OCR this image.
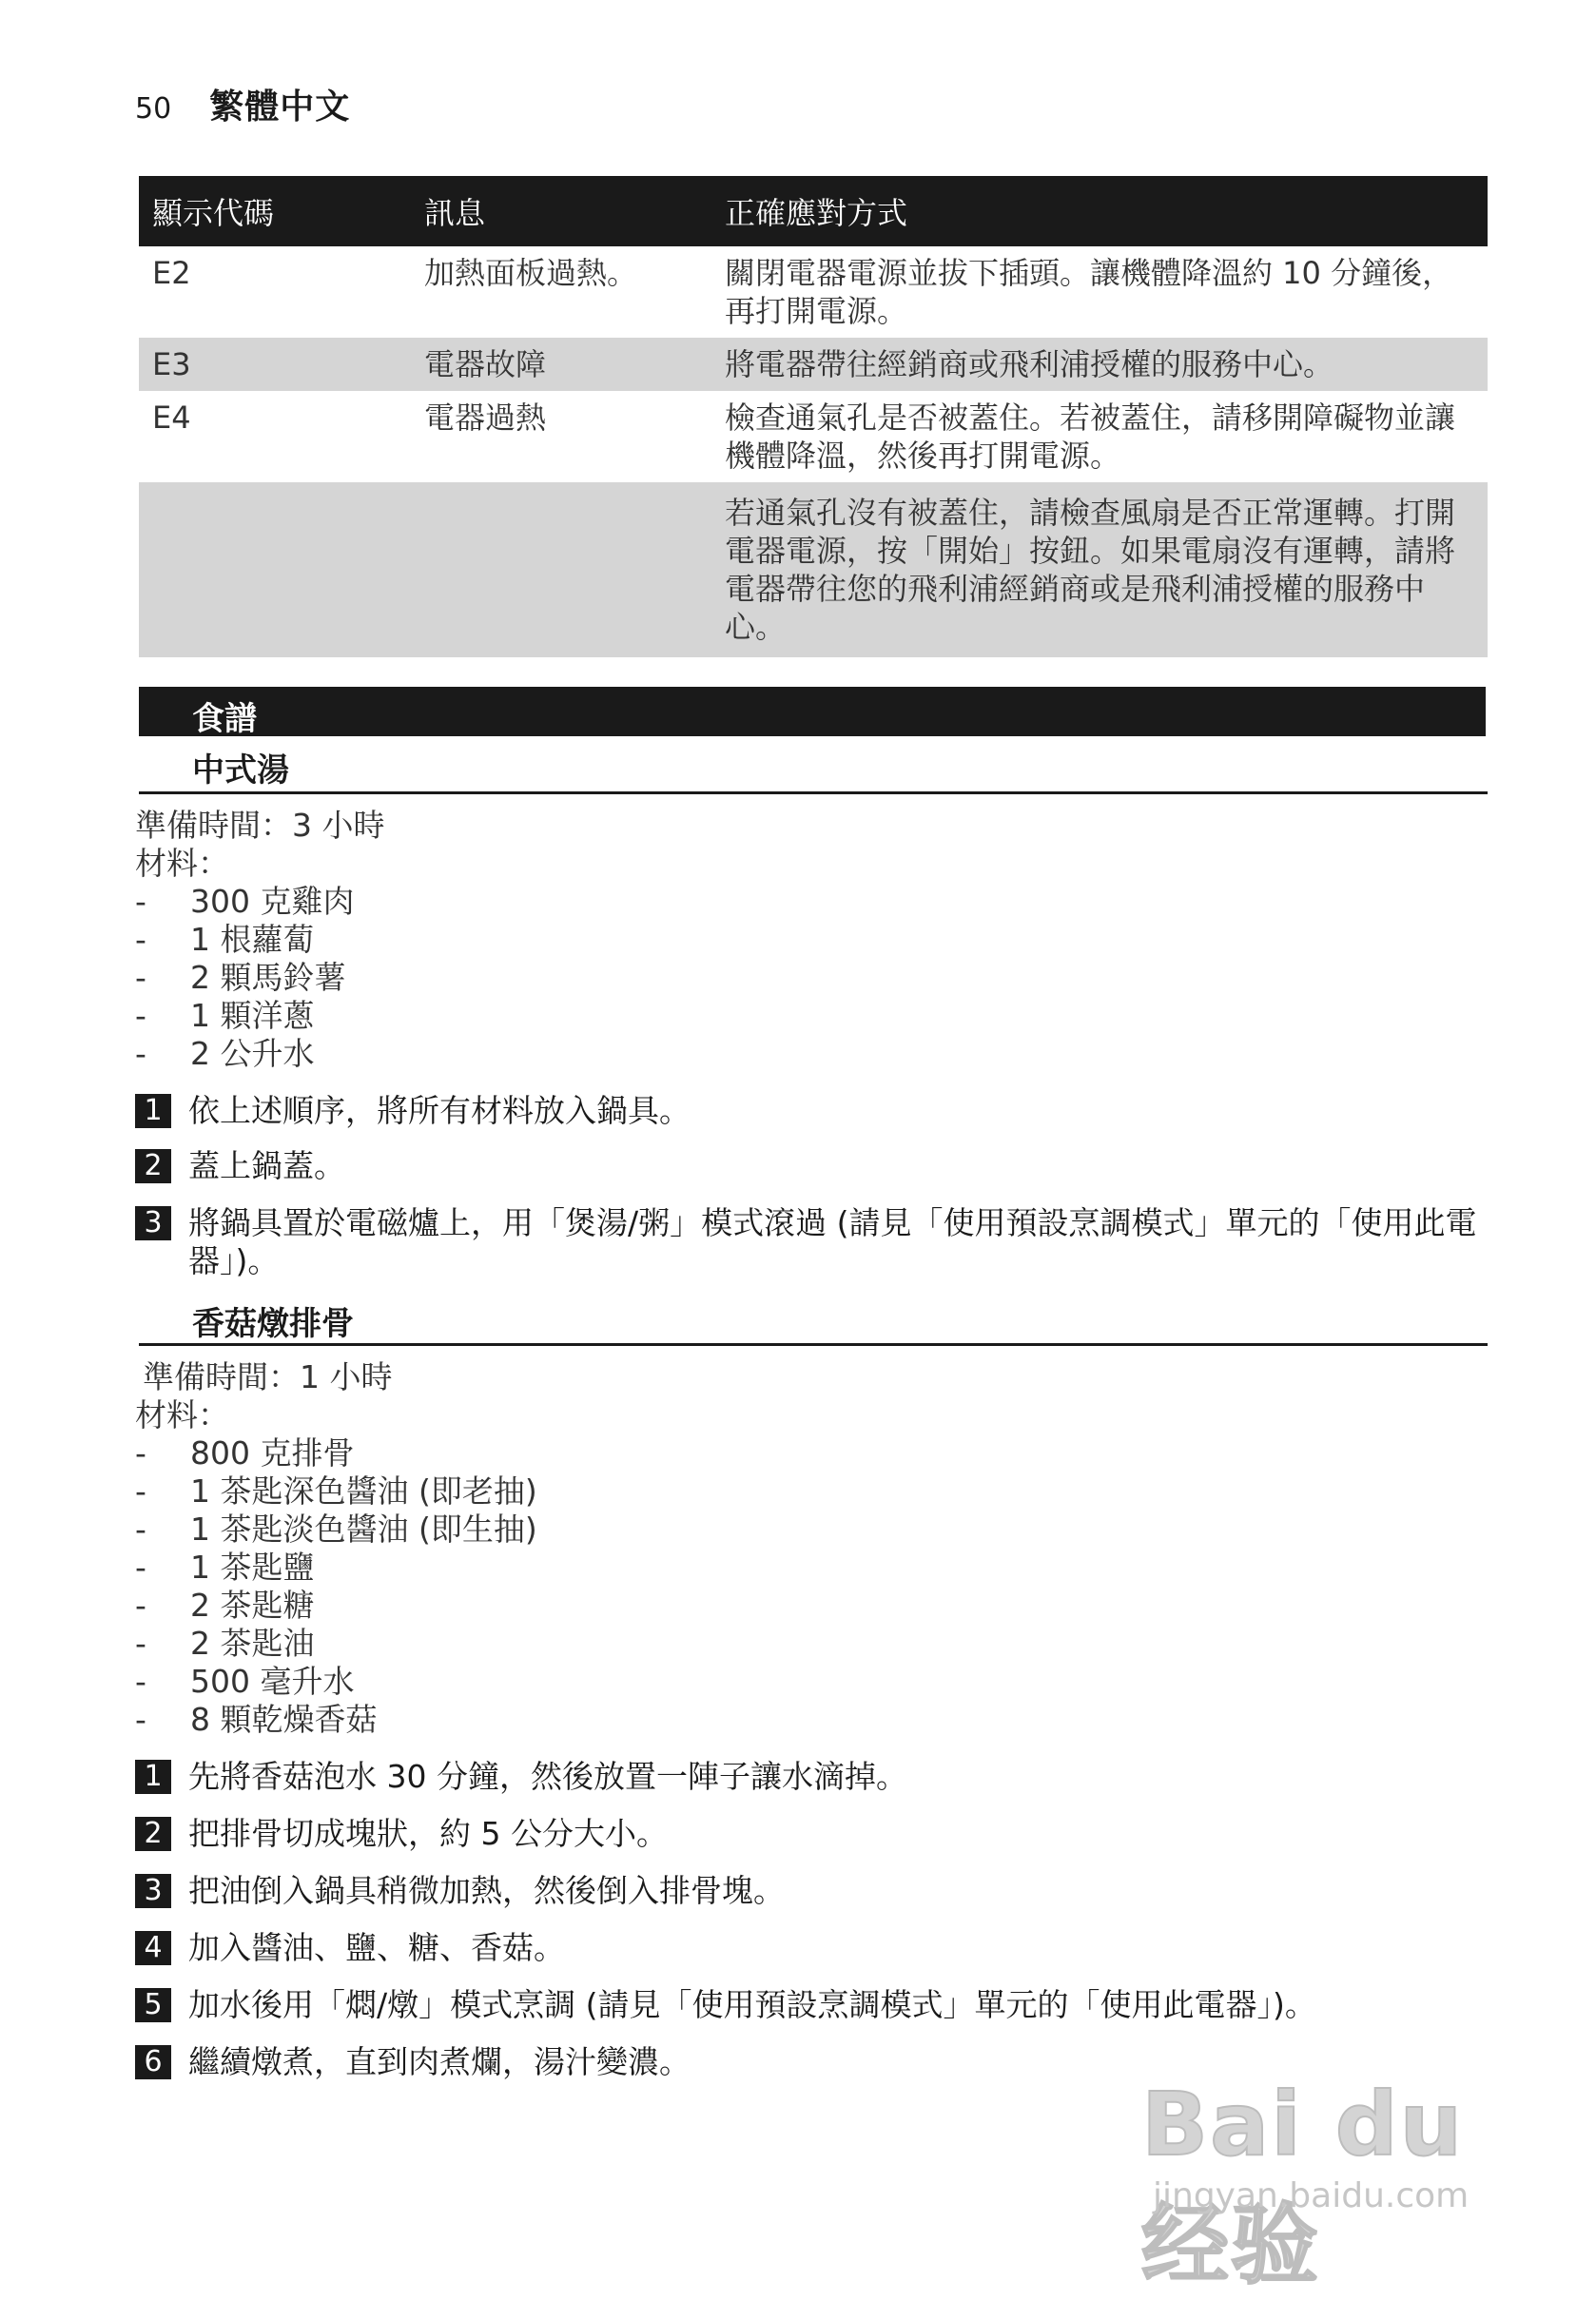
50 繁體中文
顯示代碼	訊息	正確應對方式
E2	加熱面板過熱。	關閉電器電源並拔下插頭。讓機體降溫約 10 分鐘後，再打開電源。
E3	電器故障	將電器帶往經銷商或飛利浦授權的服務中心。
E4	電器過熱	檢查通氣孔是否被蓋住。若被蓋住，請移開障礙物並讓機體降溫，然後再打開電源。
		若通氣孔沒有被蓋住，請檢查風扇是否正常運轉。打開電器電源，按「開始」按鈕。如果電扇沒有運轉，請將電器帶往您的飛利浦經銷商或是飛利浦授權的服務中心。
食譜
中式湯
準備時間：3 小時
材料：
-	300 克雞肉
-	1 根蘿蔔
-	2 顆馬鈴薯
-	1 顆洋蔥
-	2 公升水
1 依上述順序，將所有材料放入鍋具。
2 蓋上鍋蓋。
3 將鍋具置於電磁爐上，用「煲湯/粥」模式滾過 (請見「使用預設烹調模式」單元的「使用此電器」)。
香菇燉排骨
準備時間：1 小時
材料：
-	800 克排骨
-	1 茶匙深色醬油 (即老抽)
-	1 茶匙淡色醬油 (即生抽)
-	1 茶匙鹽
-	2 茶匙糖
-	2 茶匙油
-	500 毫升水
-	8 顆乾燥香菇
1 先將香菇泡水 30 分鐘，然後放置一陣子讓水滴掉。
2 把排骨切成塊狀，約 5 公分大小。
3 把油倒入鍋具稍微加熱，然後倒入排骨塊。
4 加入醬油、鹽、糖、香菇。
5 加水後用「燜/燉」模式烹調 (請見「使用預設烹調模式」單元的「使用此電器」)。
6 繼續燉煮，直到肉煮爛，湯汁變濃。
Bai du 经验
jingyan.baidu.com
